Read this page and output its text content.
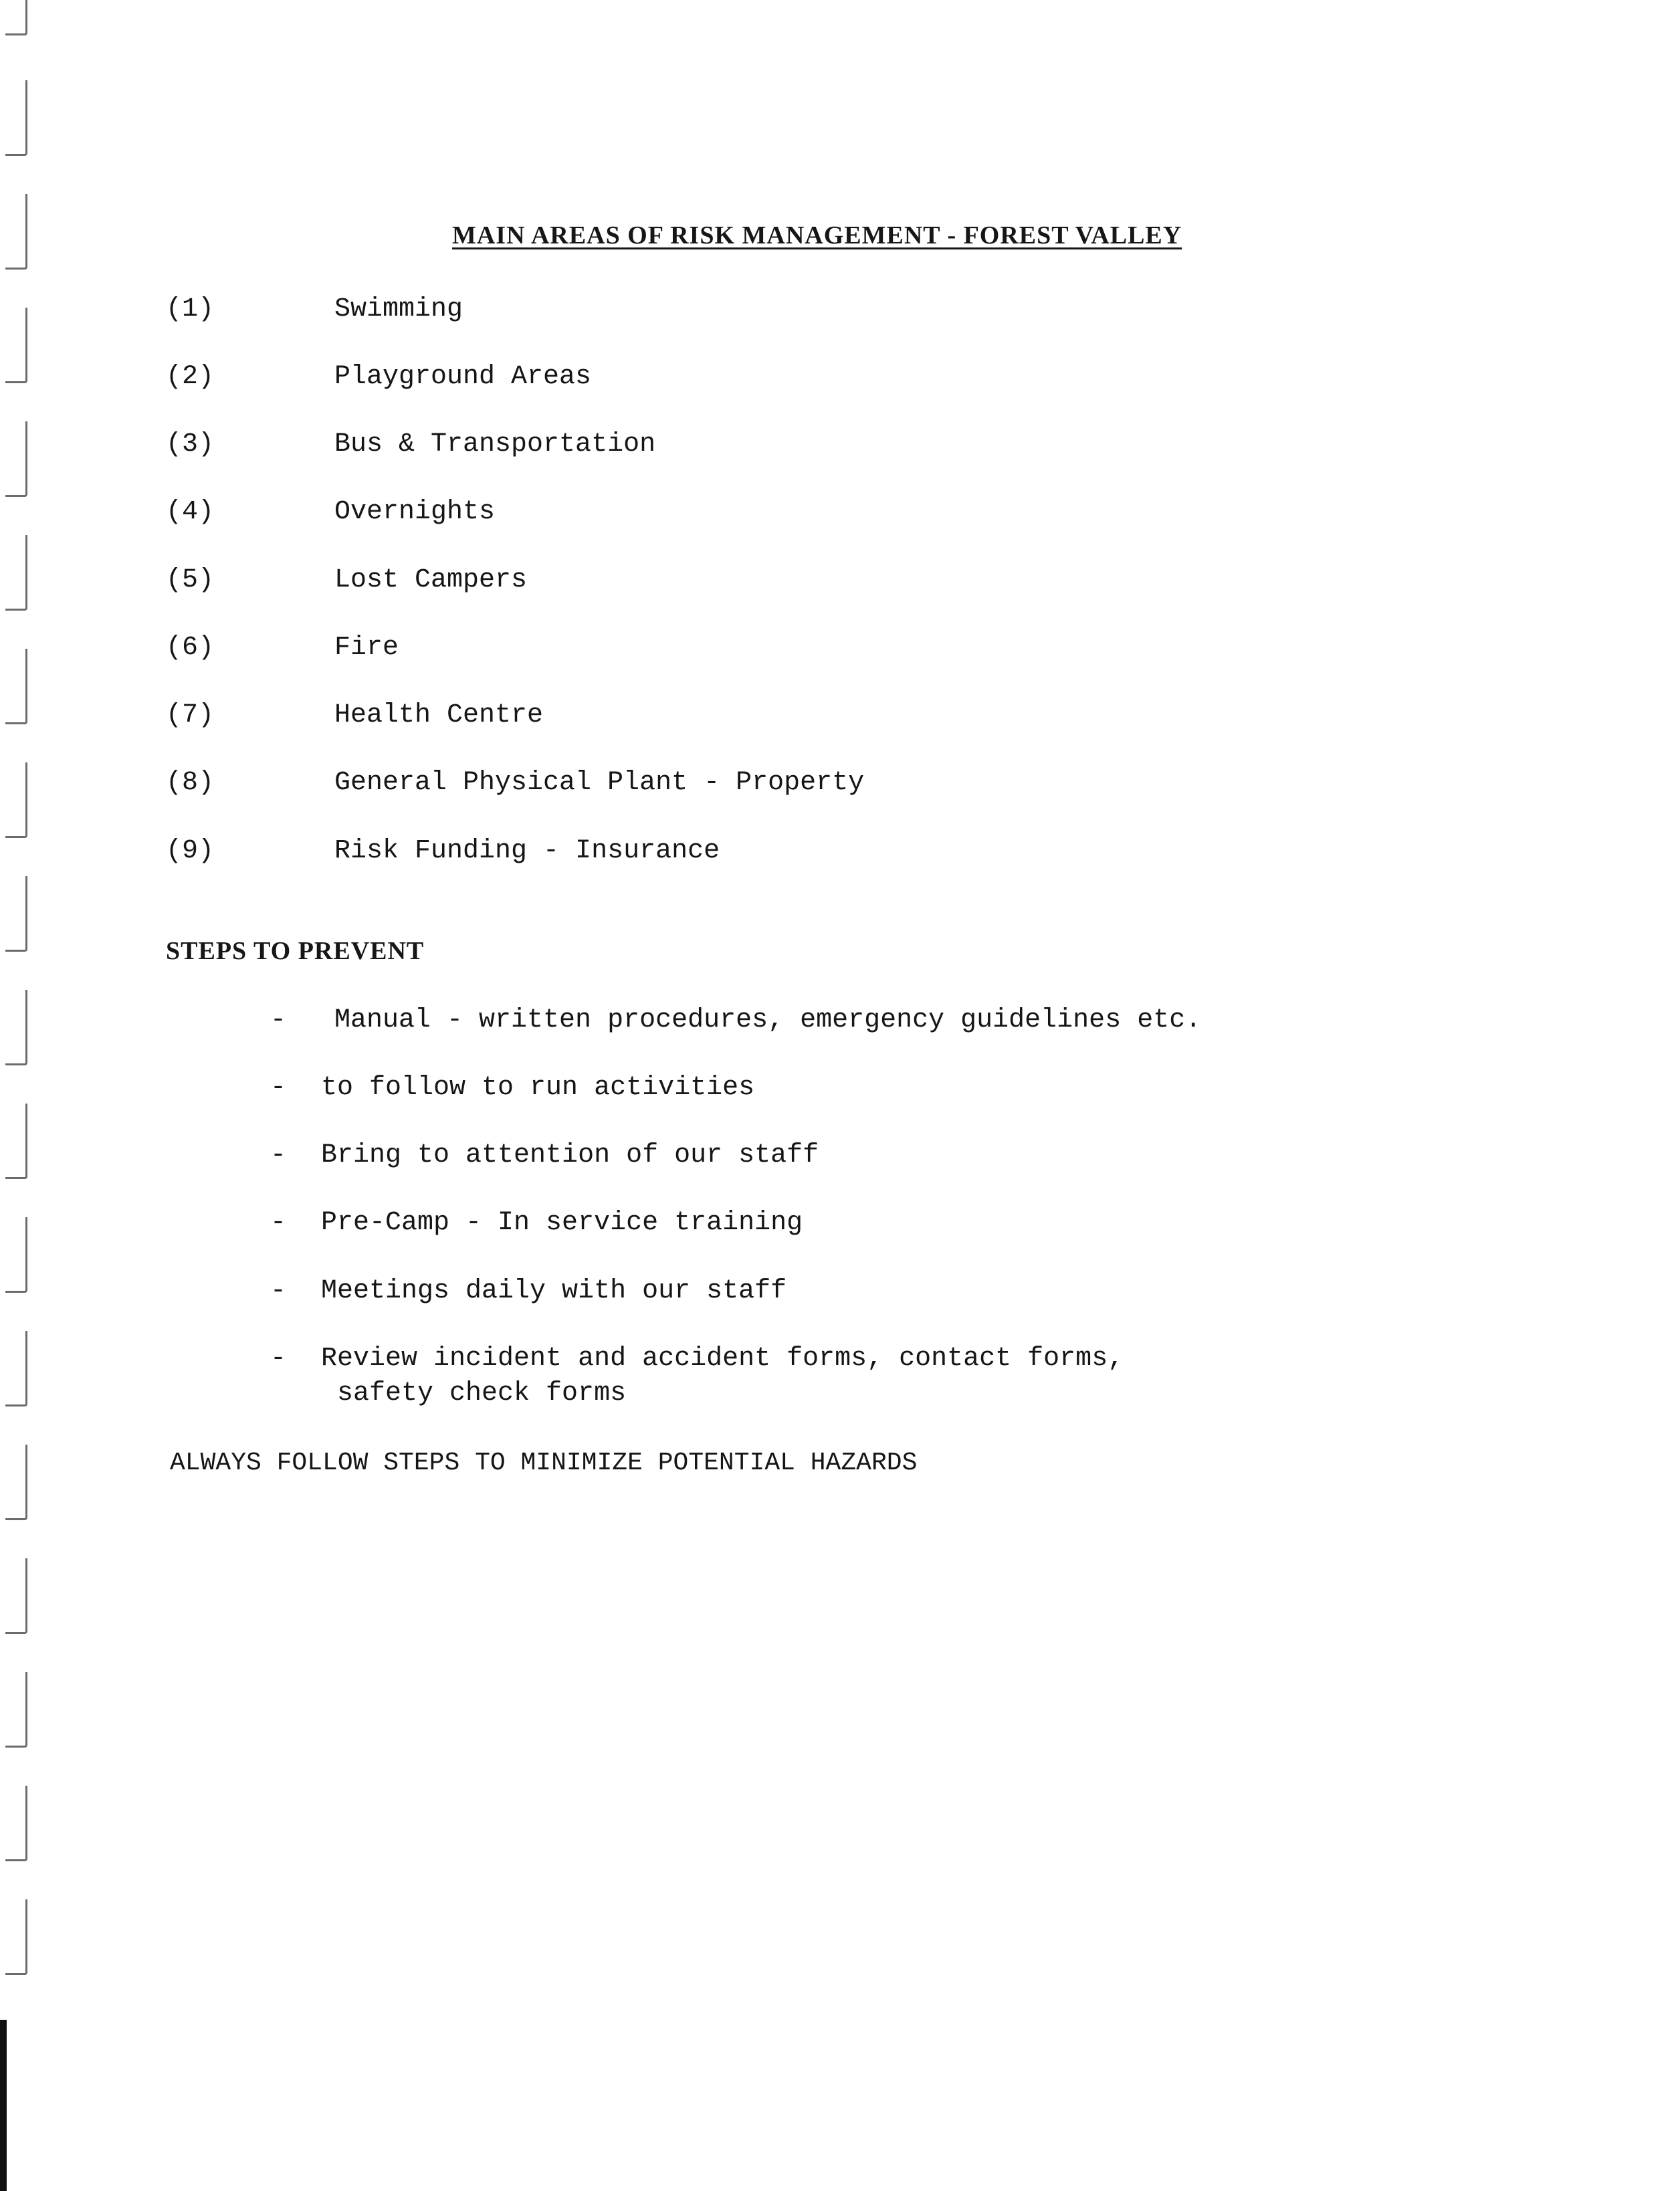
MAIN AREAS OF RISK MANAGEMENT - FOREST VALLEY
(1)	Swimming
(2)	Playground Areas
(3)	Bus & Transportation
(4)	Overnights
(5)	Lost Campers
(6)	Fire
(7)	Health Centre
(8)	General Physical Plant - Property
(9)	Risk Funding - Insurance
STEPS TO PREVENT
- Manual - written procedures, emergency guidelines etc.
- to follow to run activities
- Bring to attention of our staff
- Pre-Camp - In service training
- Meetings daily with our staff
- Review incident and accident forms, contact forms,
safety check forms
ALWAYS FOLLOW STEPS TO MINIMIZE POTENTIAL HAZARDS
